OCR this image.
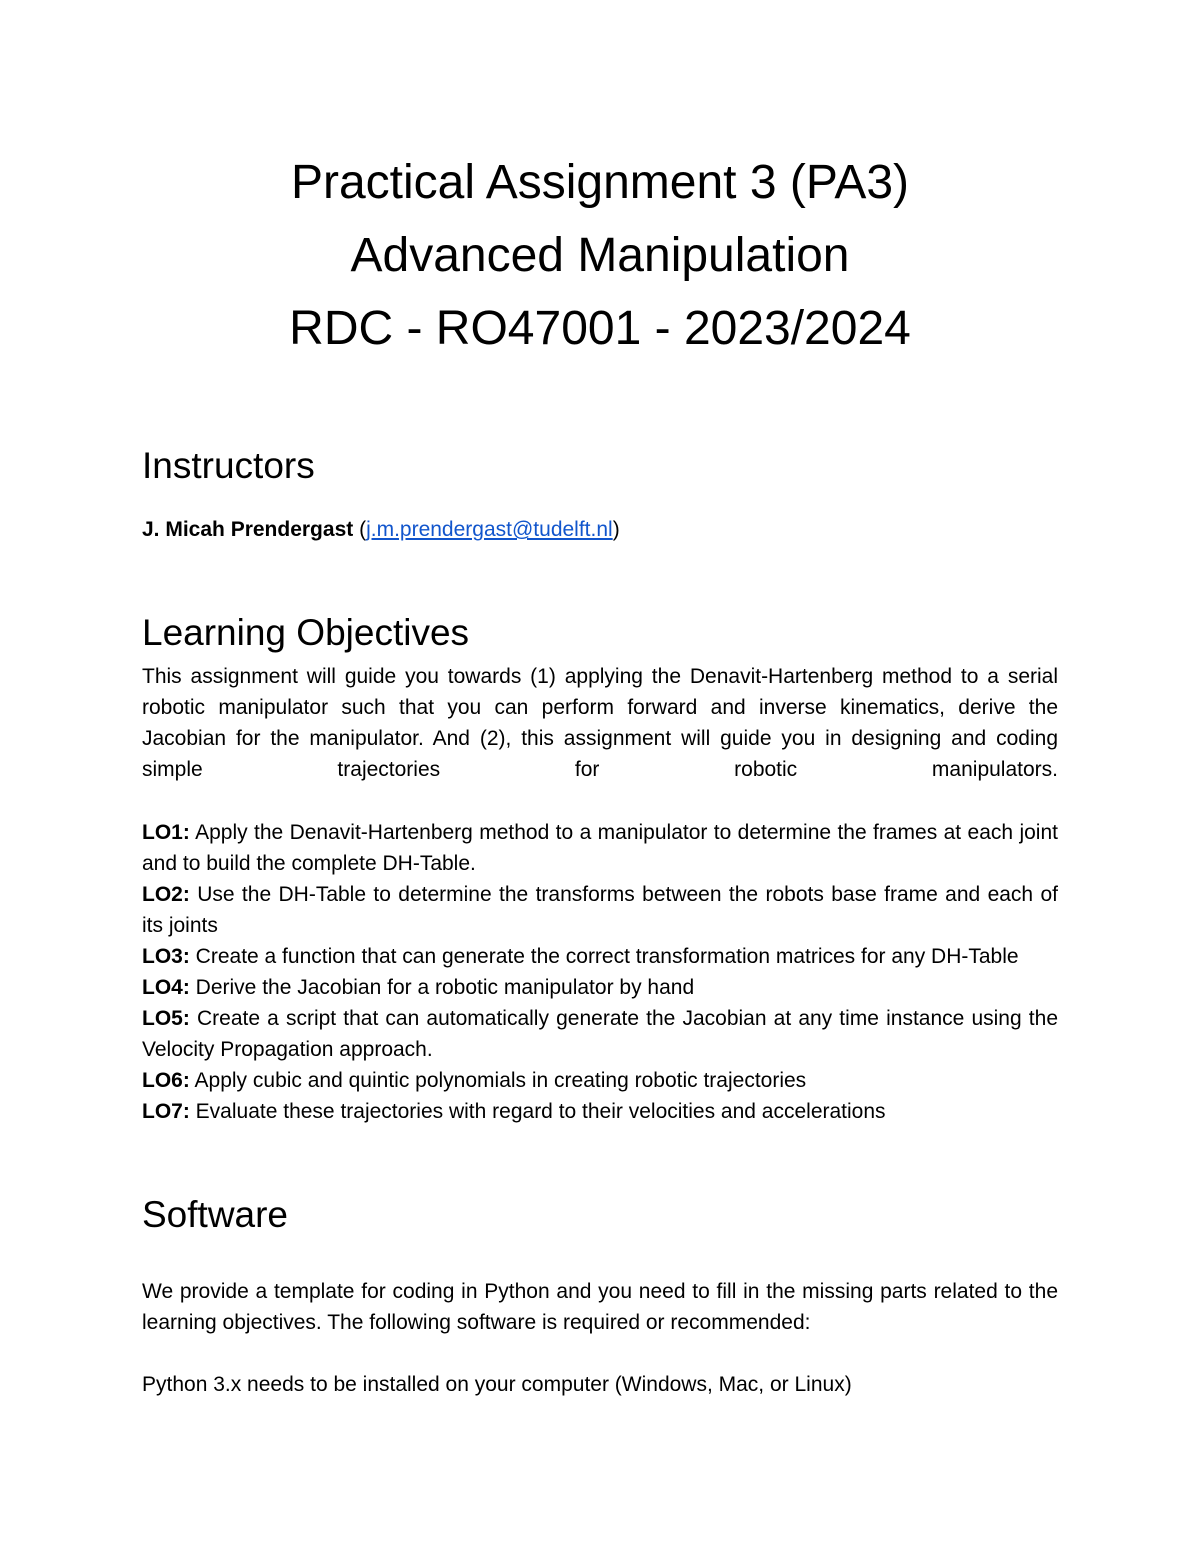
Practical Assignment 3 (PA3)
Advanced Manipulation
RDC - RO47001 - 2023/2024
Instructors
J. Micah Prendergast (j.m.prendergast@tudelft.nl)
Learning Objectives
This assignment will guide you towards (1) applying the Denavit-Hartenberg method to a serial robotic manipulator such that you can perform forward and inverse kinematics, derive the Jacobian for the manipulator. And (2), this assignment will guide you in designing and coding simple trajectories for robotic manipulators.
LO1: Apply the Denavit-Hartenberg method to a manipulator to determine the frames at each joint and to build the complete DH-Table.
LO2: Use the DH-Table to determine the transforms between the robots base frame and each of its joints
LO3: Create a function that can generate the correct transformation matrices for any DH-Table
LO4: Derive the Jacobian for a robotic manipulator by hand
LO5: Create a script that can automatically generate the Jacobian at any time instance using the Velocity Propagation approach.
LO6: Apply cubic and quintic polynomials in creating robotic trajectories
LO7: Evaluate these trajectories with regard to their velocities and accelerations
Software
We provide a template for coding in Python and you need to fill in the missing parts related to the learning objectives. The following software is required or recommended:
Python 3.x needs to be installed on your computer (Windows, Mac, or Linux)
